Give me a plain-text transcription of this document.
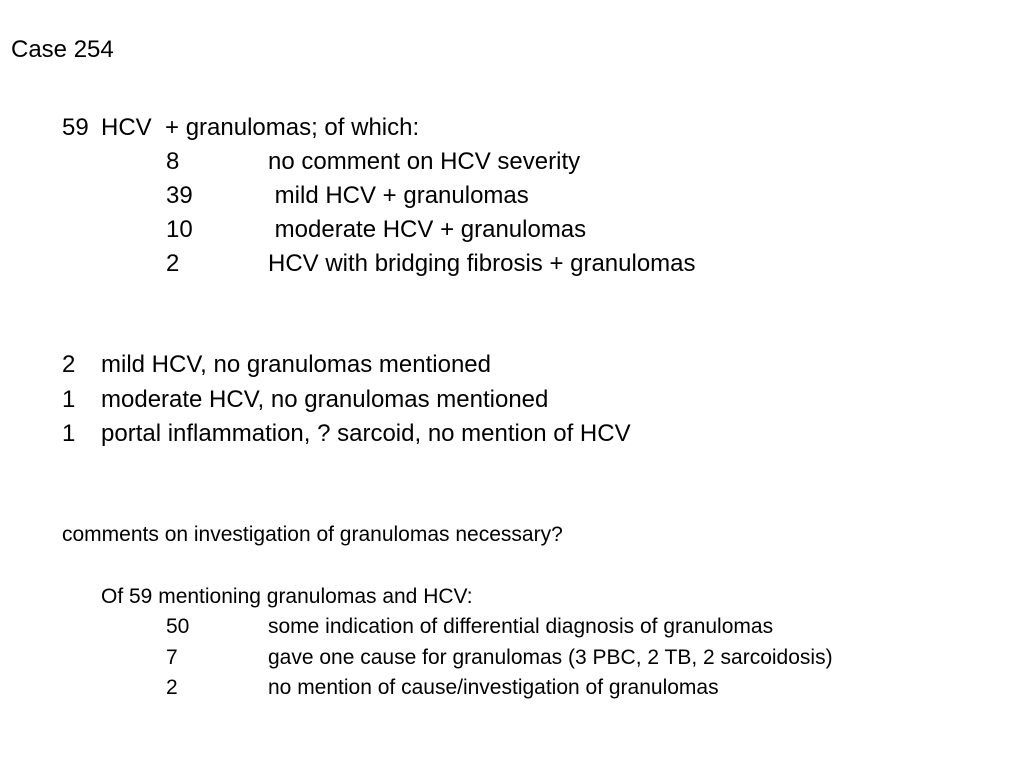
Case 254
59 HCV  + granulomas; of which:
8	no comment on HCV severity
39	mild HCV + granulomas
10	moderate HCV + granulomas
2	HCV with bridging fibrosis + granulomas
2 mild HCV, no granulomas mentioned
1 moderate HCV, no granulomas mentioned
1 portal inflammation, ? sarcoid, no mention of HCV
comments on investigation of granulomas necessary?
Of 59 mentioning granulomas and HCV:
50	some indication of differential diagnosis of granulomas
7	gave one cause for granulomas (3 PBC, 2 TB, 2 sarcoidosis)
2	no mention of cause/investigation of granulomas
